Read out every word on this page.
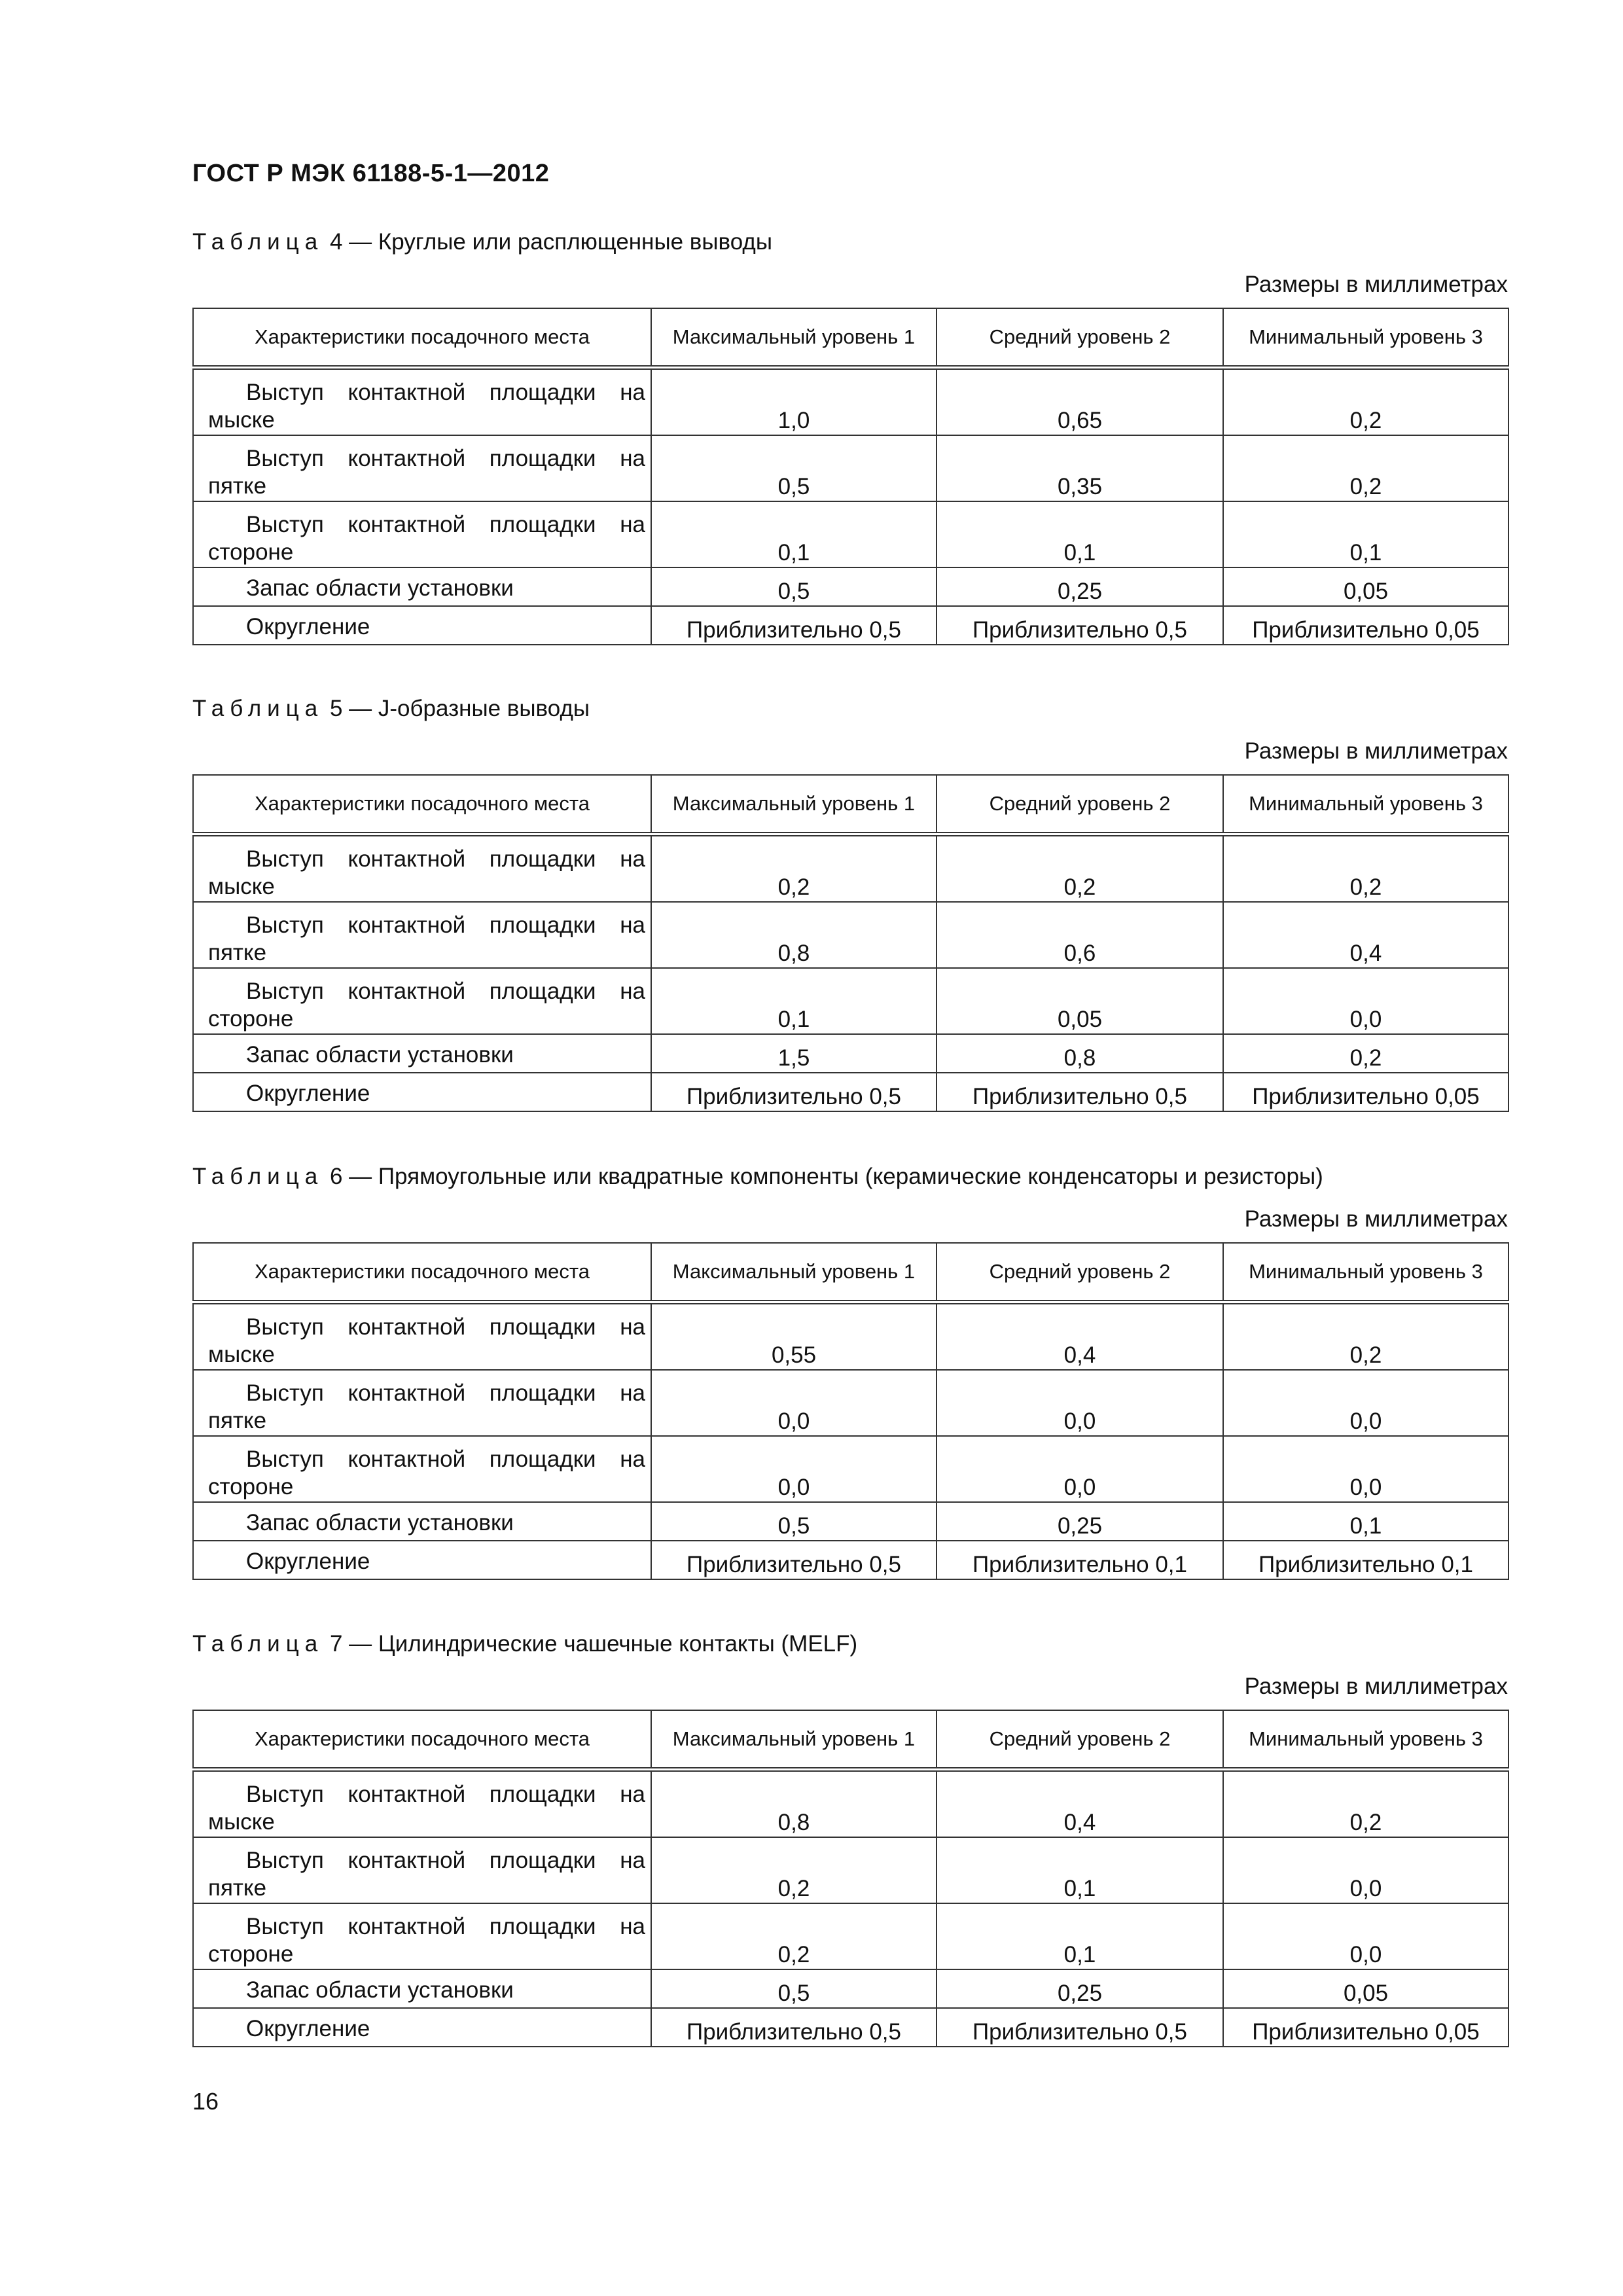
ГОСТ Р МЭК 61188-5-1—2012
Таблица 4 — Круглые или расплющенные выводы
Размеры в миллиметрах
Характеристики посадочного места	Максимальный уровень 1	Средний уровень 2	Минимальный уровень 3

Выступ контактной площадки на
мыске	1,0	0,65	0,2

Выступ контактной площадки на
пятке	0,5	0,35	0,2

Выступ контактной площадки на
стороне	0,1	0,1	0,1
Запас области установки	0,5	0,25	0,05
Округление	Приблизительно 0,5	Приблизительно 0,5	Приблизительно 0,05
Таблица 5 — J-образные выводы
Размеры в миллиметрах
Характеристики посадочного места	Максимальный уровень 1	Средний уровень 2	Минимальный уровень 3

Выступ контактной площадки на
мыске	0,2	0,2	0,2

Выступ контактной площадки на
пятке	0,8	0,6	0,4

Выступ контактной площадки на
стороне	0,1	0,05	0,0
Запас области установки	1,5	0,8	0,2
Округление	Приблизительно 0,5	Приблизительно 0,5	Приблизительно 0,05
Таблица 6 — Прямоугольные или квадратные компоненты (керамические конденсаторы и резисторы)
Размеры в миллиметрах
Характеристики посадочного места	Максимальный уровень 1	Средний уровень 2	Минимальный уровень 3

Выступ контактной площадки на
мыске	0,55	0,4	0,2

Выступ контактной площадки на
пятке	0,0	0,0	0,0

Выступ контактной площадки на
стороне	0,0	0,0	0,0
Запас области установки	0,5	0,25	0,1
Округление	Приблизительно 0,5	Приблизительно 0,1	Приблизительно 0,1
Таблица 7 — Цилиндрические чашечные контакты (MELF)
Размеры в миллиметрах
Характеристики посадочного места	Максимальный уровень 1	Средний уровень 2	Минимальный уровень 3

Выступ контактной площадки на
мыске	0,8	0,4	0,2

Выступ контактной площадки на
пятке	0,2	0,1	0,0

Выступ контактной площадки на
стороне	0,2	0,1	0,0
Запас области установки	0,5	0,25	0,05
Округление	Приблизительно 0,5	Приблизительно 0,5	Приблизительно 0,05
16
